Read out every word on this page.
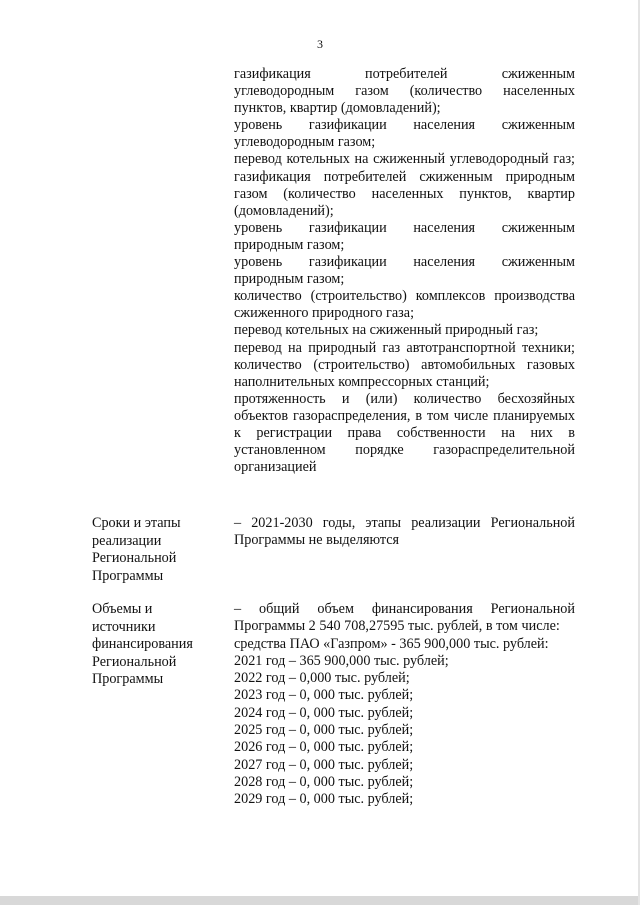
3

газификация потребителей сжиженным углеводородным газом (количество населенных пунктов, квартир (домовладений);

уровень газификации населения сжиженным углеводородным газом;

перевод котельных на сжиженный углеводородный газ; газификация потребителей сжиженным природным газом (количество населенных пунктов, квартир (домовладений);

уровень газификации населения сжиженным природным газом;

уровень газификации населения сжиженным природным газом;

количество (строительство) комплексов производства сжиженного природного газа;

перевод котельных на сжиженный природный газ;

перевод на природный газ автотранспортной техники; количество (строительство) автомобильных газовых наполнительных компрессорных станций;

протяженность и (или) количество бесхозяйных объектов газораспределения, в том числе планируемых к регистрации права собственности на них в установленном порядке газораспределительной организацией

Сроки и этапы
реализации
Региональной
Программы

– 2021-2030 годы, этапы реализации Региональной Программы не выделяются

Объемы и
источники
финансирования
Региональной
Программы

– общий объем финансирования Региональной Программы 2 540 708,27595 тыс. рублей, в том числе:

средства ПАО «Газпром» - 365 900,000 тыс. рублей:

2021 год – 365 900,000 тыс. рублей;

2022 год – 0,000 тыс. рублей;

2023 год – 0, 000 тыс. рублей;

2024 год – 0, 000 тыс. рублей;

2025 год – 0, 000 тыс. рублей;

2026 год – 0, 000 тыс. рублей;

2027 год – 0, 000 тыс. рублей;

2028 год – 0, 000 тыс. рублей;

2029 год – 0, 000 тыс. рублей;
